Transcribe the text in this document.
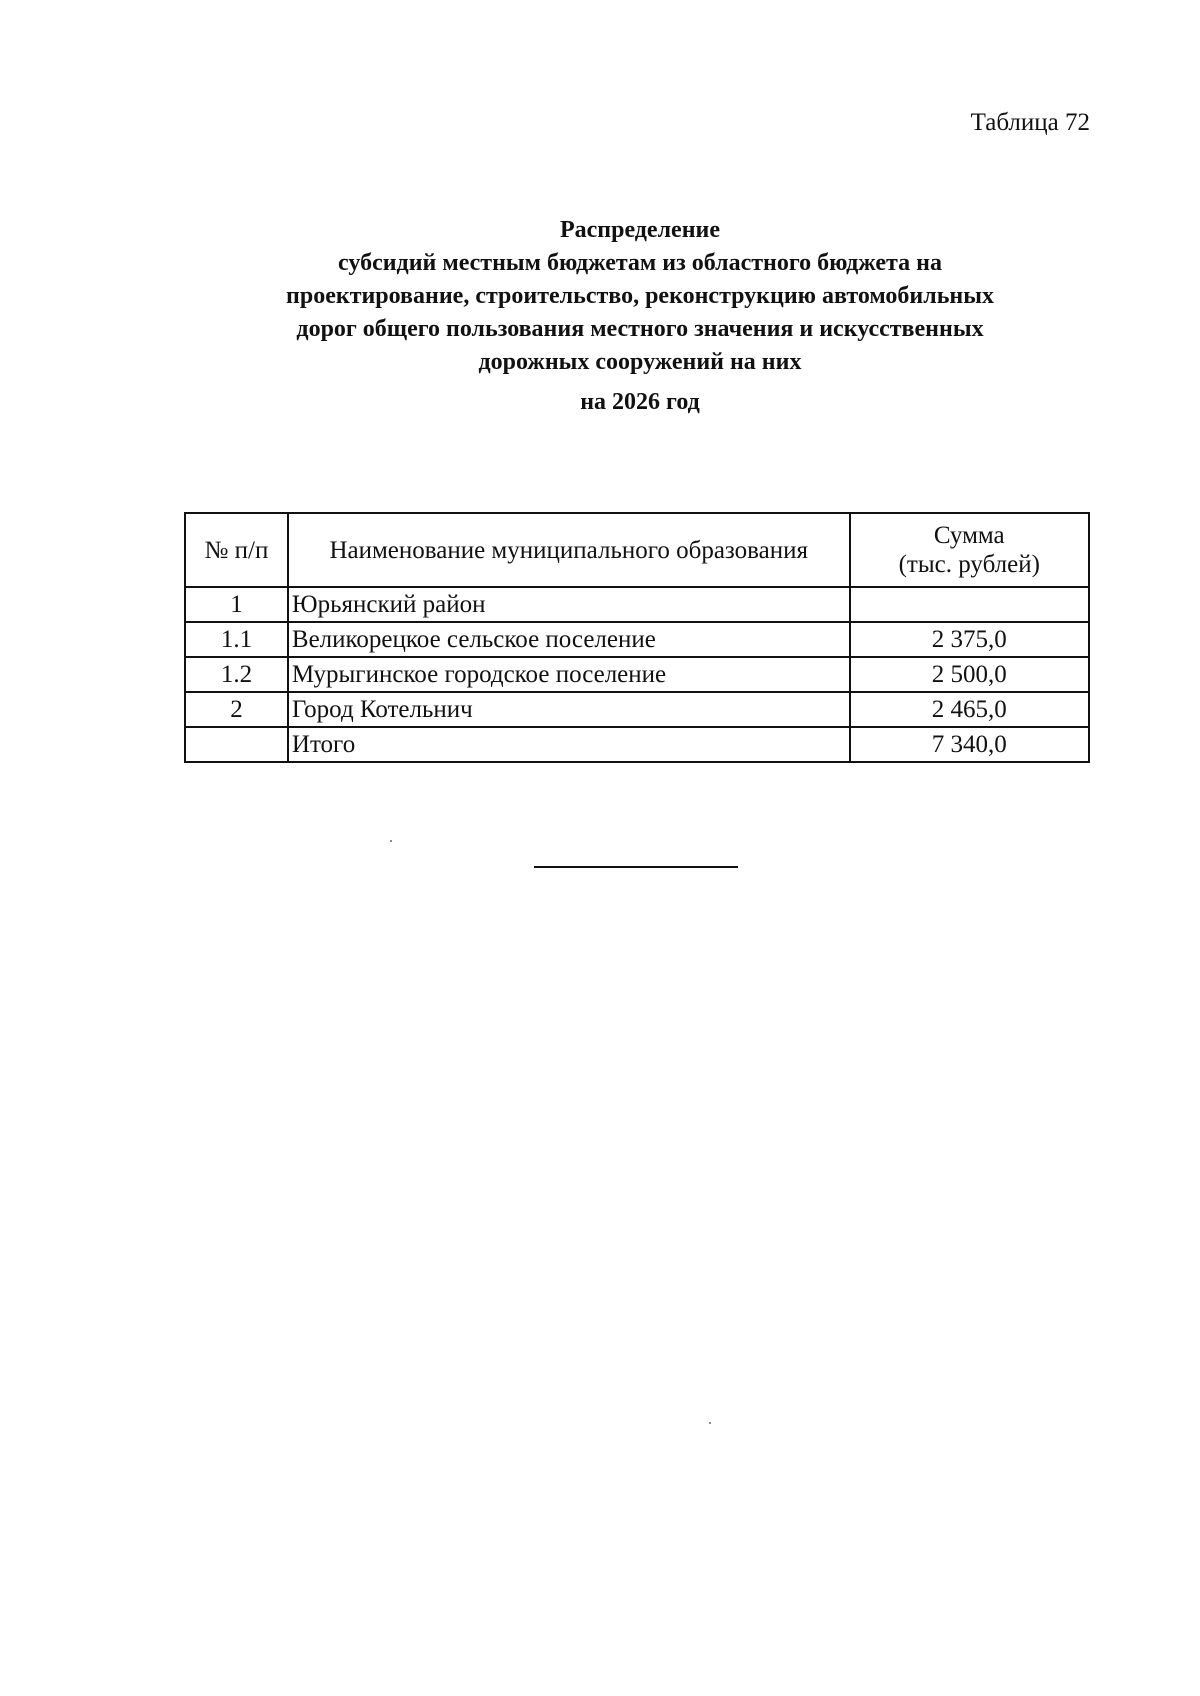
Таблица 72
Распределение
субсидий местным бюджетам из областного бюджета на
проектирование, строительство, реконструкцию автомобильных
дорог общего пользования местного значения и искусственных
дорожных сооружений на них
на 2026 год
№ п/п	Наименование муниципального образования	Сумма
(тыс. рублей)
1	Юрьянский район	
1.1	Великорецкое сельское поселение	2 375,0
1.2	Мурыгинское городское поселение	2 500,0
2	Город Котельнич	2 465,0
	Итого	7 340,0
